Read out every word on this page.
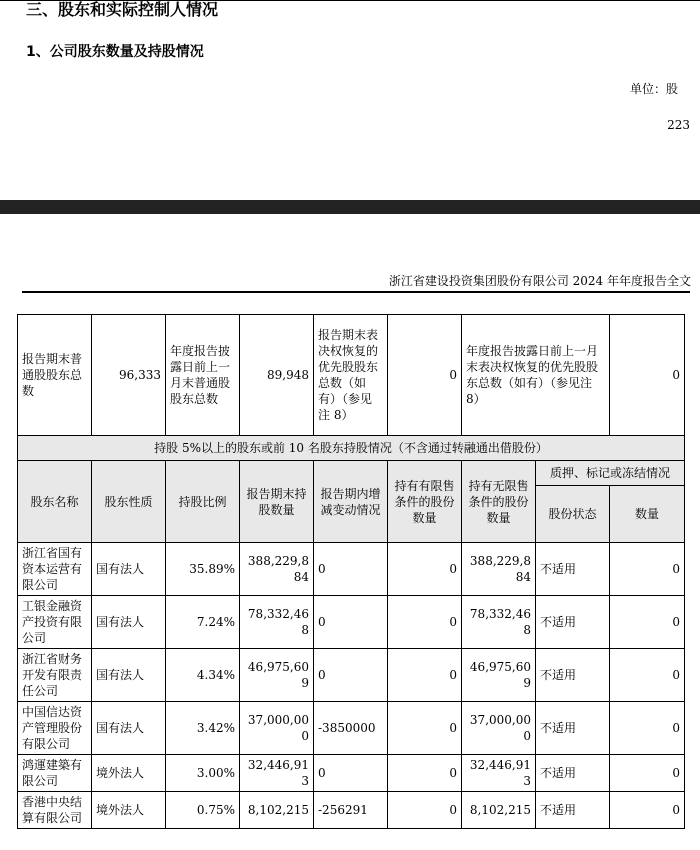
三、股东和实际控制人情况
1、公司股东数量及持股情况
单位：股
223
浙江省建设投资集团股份有限公司 2024 年年度报告全文
报告期末普通股股东总数	96,333	年度报告披露日前上一月末普通股股东总数	89,948	报告期末表决权恢复的优先股股东总数（如有）（参见注 8）	0	年度报告披露日前上一月末表决权恢复的优先股股东总数（如有）（参见注 8）		0
持股 5%以上的股东或前 10 名股东持股情况（不含通过转融通出借股份）								
股东名称	股东性质	持股比例	报告期末持股数量	报告期内增减变动情况	持有有限售条件的股份数量	持有无限售条件的股份数量	质押、标记或冻结情况	
							股份状态	数量
浙江省国有资本运营有限公司	国有法人	35.89%	388,229,884	0	0	388,229,884	不适用	0
工银金融资产投资有限公司	国有法人	7.24%	78,332,468	0	0	78,332,468	不适用	0
浙江省财务开发有限责任公司	国有法人	4.34%	46,975,609	0	0	46,975,609	不适用	0
中国信达资产管理股份有限公司	国有法人	3.42%	37,000,000	-3850000	0	37,000,000	不适用	0
鸿運建築有限公司	境外法人	3.00%	32,446,913	0	0	32,446,913	不适用	0
香港中央结算有限公司	境外法人	0.75%	8,102,215	-256291	0	8,102,215	不适用	0
